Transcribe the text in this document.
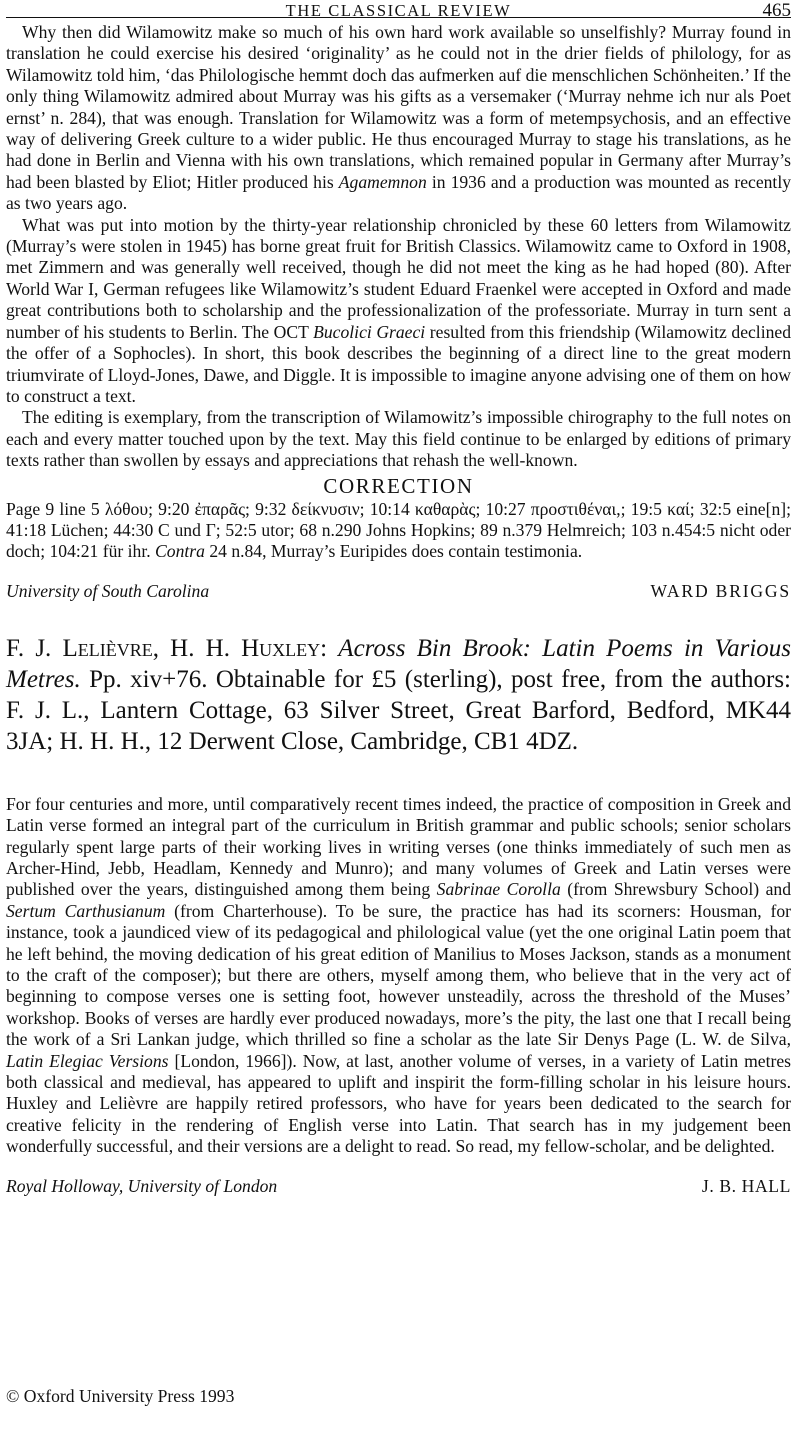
THE CLASSICAL REVIEW	465

Why then did Wilamowitz make so much of his own hard work available so unselfishly? Murray found in translation he could exercise his desired ‘originality’ as he could not in the drier fields of philology, for as Wilamowitz told him, ‘das Philologische hemmt doch das aufmerken auf die menschlichen Schönheiten.’ If the only thing Wilamowitz admired about Murray was his gifts as a versemaker (‘Murray nehme ich nur als Poet ernst’ n. 284), that was enough. Translation for Wilamowitz was a form of metempsychosis, and an effective way of delivering Greek culture to a wider public. He thus encouraged Murray to stage his translations, as he had done in Berlin and Vienna with his own translations, which remained popular in Germany after Murray’s had been blasted by Eliot; Hitler produced his Agamemnon in 1936 and a production was mounted as recently as two years ago.

What was put into motion by the thirty-year relationship chronicled by these 60 letters from Wilamowitz (Murray’s were stolen in 1945) has borne great fruit for British Classics. Wilamowitz came to Oxford in 1908, met Zimmern and was generally well received, though he did not meet the king as he had hoped (80). After World War I, German refugees like Wilamowitz’s student Eduard Fraenkel were accepted in Oxford and made great contributions both to scholarship and the professionalization of the professoriate. Murray in turn sent a number of his students to Berlin. The OCT Bucolici Graeci resulted from this friendship (Wilamowitz declined the offer of a Sophocles). In short, this book describes the beginning of a direct line to the great modern triumvirate of Lloyd-Jones, Dawe, and Diggle. It is impossible to imagine anyone advising one of them on how to construct a text.

The editing is exemplary, from the transcription of Wilamowitz’s impossible chirography to the full notes on each and every matter touched upon by the text. May this field continue to be enlarged by editions of primary texts rather than swollen by essays and appreciations that rehash the well-known.

CORRECTION

Page 9 line 5 λόθου; 9:20 ἐπαρᾶς; 9:32 δείκνυσιν; 10:14 καθαρὰς; 10:27 προστιθέναι,; 19:5 καί; 32:5 eine[n]; 41:18 Lüchen; 44:30 C und Γ; 52:5 utor; 68 n.290 Johns Hopkins; 89 n.379 Helmreich; 103 n.454:5 nicht oder doch; 104:21 für ihr. Contra 24 n.84, Murray’s Euripides does contain testimonia.

University of South Carolina	WARD BRIGGS

F. J. Lelièvre, H. H. Huxley: Across Bin Brook: Latin Poems in Various Metres. Pp. xiv+76. Obtainable for £5 (sterling), post free, from the authors: F. J. L., Lantern Cottage, 63 Silver Street, Great Barford, Bedford, MK44 3JA; H. H. H., 12 Derwent Close, Cambridge, CB1 4DZ.

For four centuries and more, until comparatively recent times indeed, the practice of composition in Greek and Latin verse formed an integral part of the curriculum in British grammar and public schools; senior scholars regularly spent large parts of their working lives in writing verses (one thinks immediately of such men as Archer-Hind, Jebb, Headlam, Kennedy and Munro); and many volumes of Greek and Latin verses were published over the years, distinguished among them being Sabrinae Corolla (from Shrewsbury School) and Sertum Carthusianum (from Charterhouse). To be sure, the practice has had its scorners: Housman, for instance, took a jaundiced view of its pedagogical and philological value (yet the one original Latin poem that he left behind, the moving dedication of his great edition of Manilius to Moses Jackson, stands as a monument to the craft of the composer); but there are others, myself among them, who believe that in the very act of beginning to compose verses one is setting foot, however unsteadily, across the threshold of the Muses’ workshop. Books of verses are hardly ever produced nowadays, more’s the pity, the last one that I recall being the work of a Sri Lankan judge, which thrilled so fine a scholar as the late Sir Denys Page (L. W. de Silva, Latin Elegiac Versions [London, 1966]). Now, at last, another volume of verses, in a variety of Latin metres both classical and medieval, has appeared to uplift and inspirit the form-filling scholar in his leisure hours. Huxley and Lelièvre are happily retired professors, who have for years been dedicated to the search for creative felicity in the rendering of English verse into Latin. That search has in my judgement been wonderfully successful, and their versions are a delight to read. So read, my fellow-scholar, and be delighted.

Royal Holloway, University of London	J. B. HALL
© Oxford University Press 1993
